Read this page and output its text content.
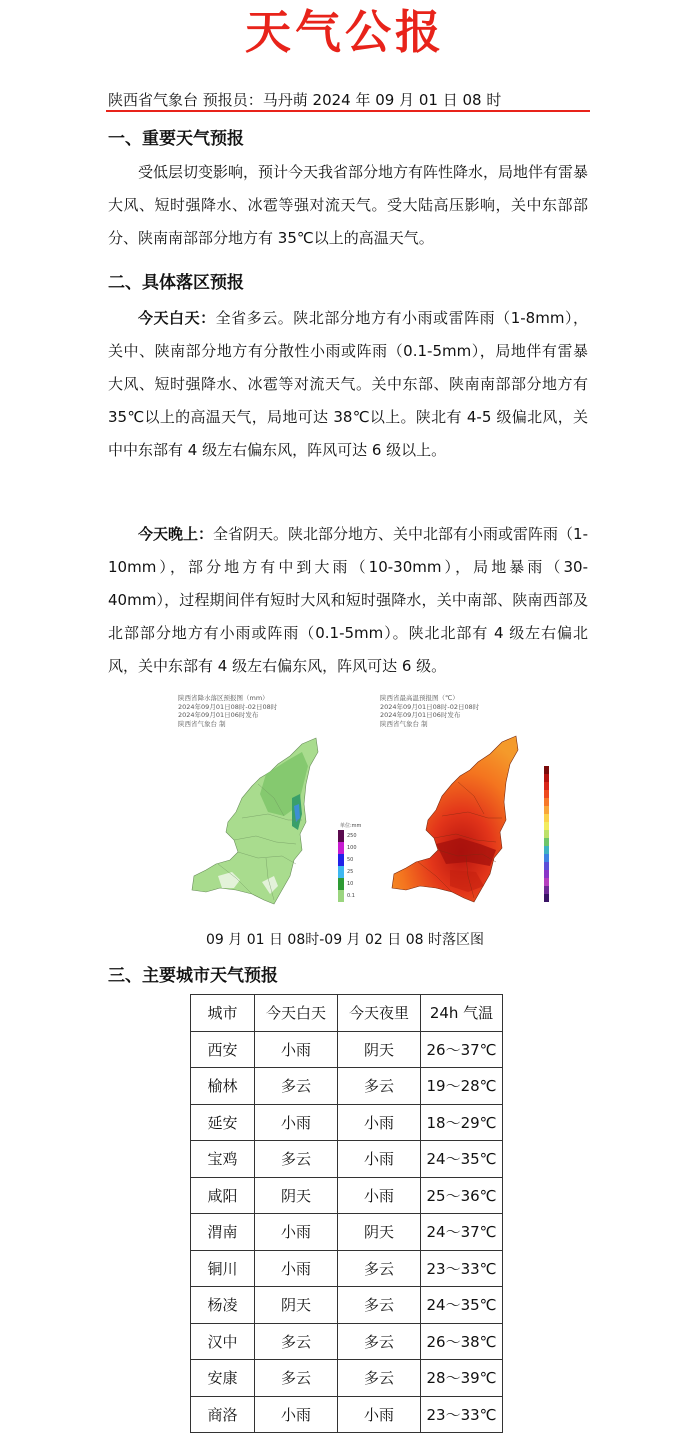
天气公报
陕西省气象台 预报员：马丹萌 2024 年 09 月 01 日 08 时
一、重要天气预报

受低层切变影响，预计今天我省部分地方有阵性降水，局地伴有雷暴大风、短时强降水、冰雹等强对流天气。受大陆高压影响，关中东部部分、陕南南部部分地方有 35℃以上的高温天气。

二、具体落区预报

今天白天：全省多云。陕北部分地方有小雨或雷阵雨（1-8mm），关中、陕南部分地方有分散性小雨或阵雨（0.1-5mm），局地伴有雷暴大风、短时强降水、冰雹等对流天气。关中东部、陕南南部部分地方有 35℃以上的高温天气，局地可达 38℃以上。陕北有 4-5 级偏北风，关中中东部有 4 级左右偏东风，阵风可达 6 级以上。

今天晚上：全省阴天。陕北部分地方、关中北部有小雨或雷阵雨（1-10mm），部分地方有中到大雨（10-30mm），局地暴雨（30-40mm），过程期间伴有短时大风和短时强降水，关中南部、陕南西部及北部部分地方有小雨或阵雨（0.1-5mm）。陕北北部有 4 级左右偏北风，关中东部有 4 级左右偏东风，阵风可达 6 级。

陕西省降水落区预报图（mm）
2024年09月01日08时-02日08时
2024年09月01日06时发布
陕西省气象台 制
单位:mm
250
100
50
25
10
0.1
陕西省最高温预报图（℃）
2024年09月01日08时-02日08时
2024年09月01日06时发布
陕西省气象台 制
09 月 01 日 08时-09 月 02 日 08 时落区图
三、主要城市天气预报
城市	今天白天	今天夜里	24h 气温
西安	小雨	阴天	26～37℃
榆林	多云	多云	19～28℃
延安	小雨	小雨	18～29℃
宝鸡	多云	小雨	24～35℃
咸阳	阴天	小雨	25～36℃
渭南	小雨	阴天	24～37℃
铜川	小雨	多云	23～33℃
杨凌	阴天	多云	24～35℃
汉中	多云	多云	26～38℃
安康	多云	多云	28～39℃
商洛	小雨	小雨	23～33℃
